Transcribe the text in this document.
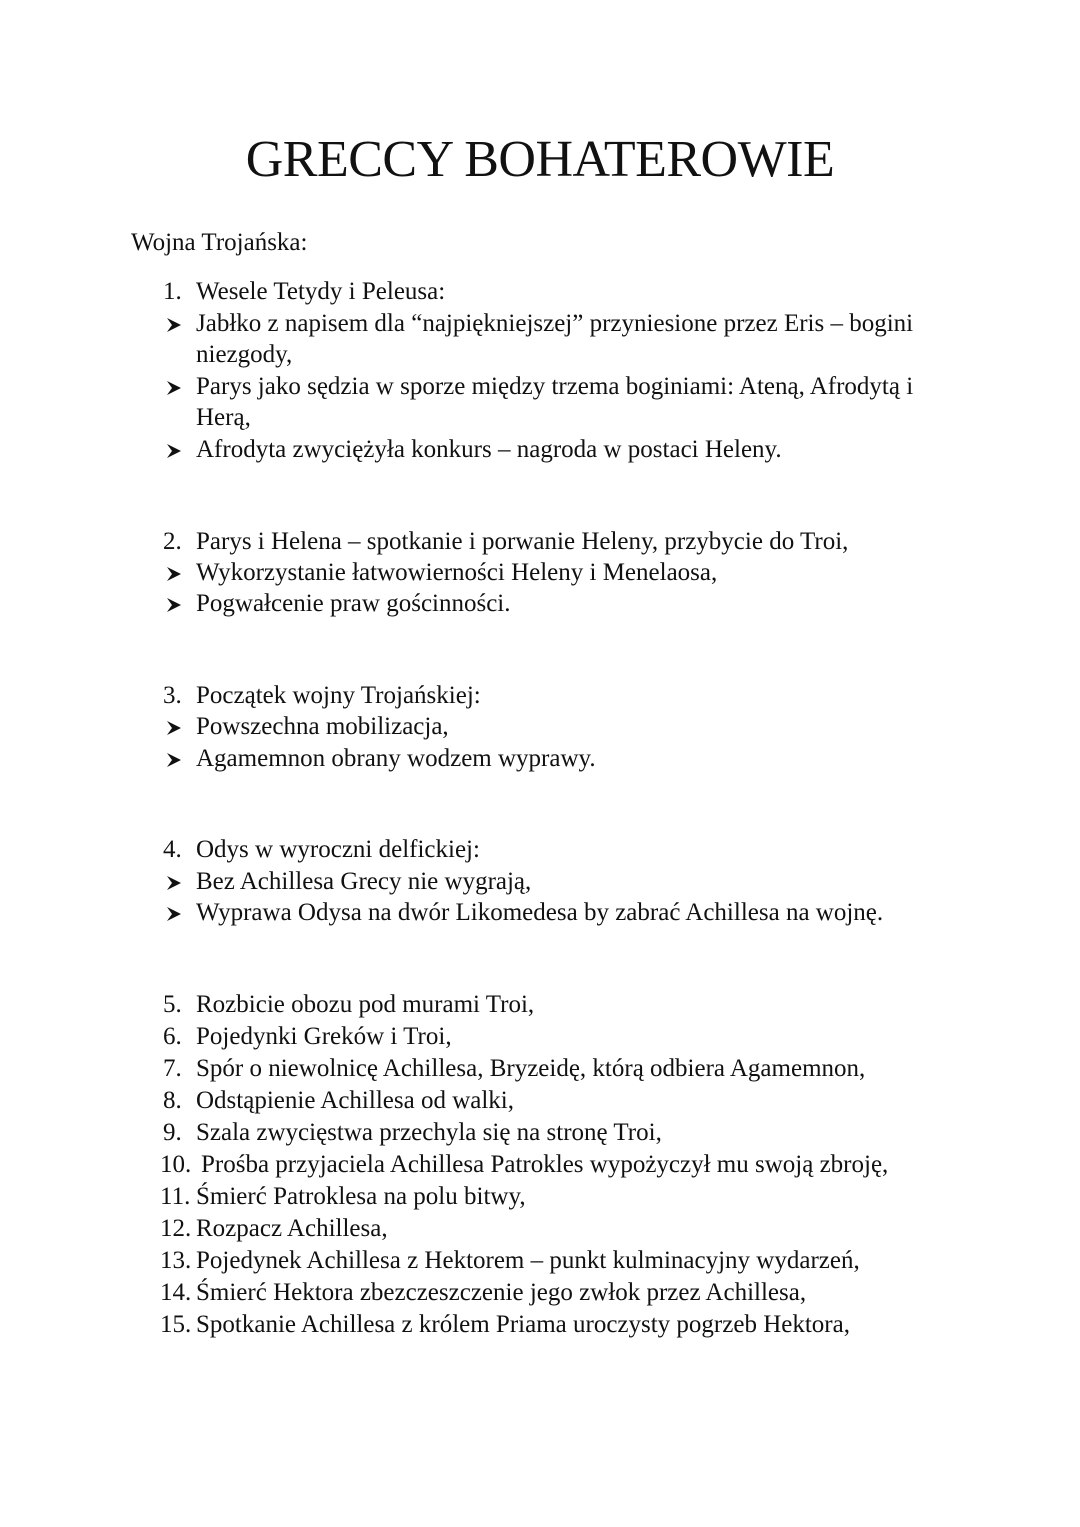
GRECCY BOHATEROWIE

Wojna Trojańska:

1. Wesele Tetydy i Peleusa:
Jabłko z napisem dla “najpiękniejszej” przyniesione przez Eris – bogini
niezgody,
Parys jako sędzia w sporze między trzema boginiami: Ateną, Afrodytą i
Herą,
Afrodyta zwyciężyła konkurs – nagroda w postaci Heleny.
2. Parys i Helena – spotkanie i porwanie Heleny, przybycie do Troi,
Wykorzystanie łatwowierności Heleny i Menelaosa,
Pogwałcenie praw gościnności.
3. Początek wojny Trojańskiej:
Powszechna mobilizacja,
Agamemnon obrany wodzem wyprawy.
4. Odys w wyroczni delfickiej:
Bez Achillesa Grecy nie wygrają,
Wyprawa Odysa na dwór Likomedesa by zabrać Achillesa na wojnę.
5. Rozbicie obozu pod murami Troi,
6. Pojedynki Greków i Troi,
7. Spór o niewolnicę Achillesa, Bryzeidę, którą odbiera Agamemnon,
8. Odstąpienie Achillesa od walki,
9. Szala zwycięstwa przechyla się na stronę Troi,
10. Prośba przyjaciela Achillesa Patrokles wypożyczył mu swoją zbroję,
11. Śmierć Patroklesa na polu bitwy,
12. Rozpacz Achillesa,
13. Pojedynek Achillesa z Hektorem – punkt kulminacyjny wydarzeń,
14. Śmierć Hektora zbezczeszczenie jego zwłok przez Achillesa,
15. Spotkanie Achillesa z królem Priama uroczysty pogrzeb Hektora,
